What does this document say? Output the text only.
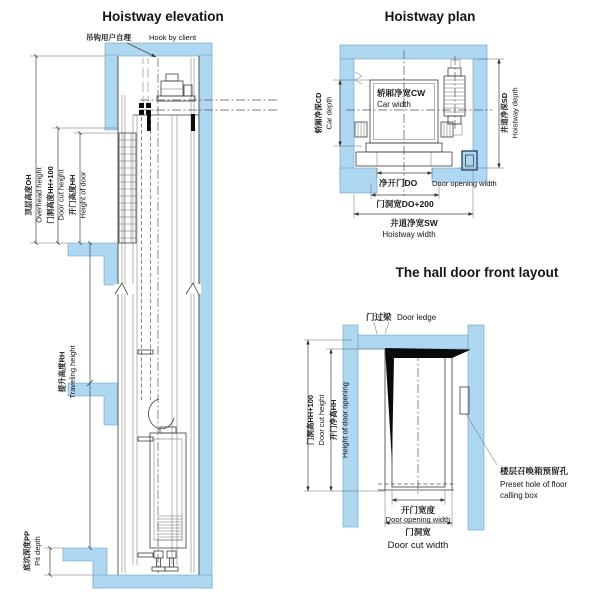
Hoistway elevation
吊钩用户自理 Hook by client
顶层高度OH Overhead height 门洞高度HH+100 Door cut height 开门高度HH Height of door
提升高度RH Traveling height
底坑深度PP Pit depth
Hoistway plan
轿厢净宽CW
Car width
轿厢净深CD Car depth	井道净深SD Hoistway depth
净开门DO Door opening width
门洞宽DO+200
井道净宽SW
Hoistway width
The hall door front layout
门过梁 Door ledge
门洞高HH+100 Door cut height 开门净高HH Height of door opening
开门宽度
Door opening width
门洞宽
Door cut width
楼层召唤箱预留孔
Preset hole of floor
calling box
